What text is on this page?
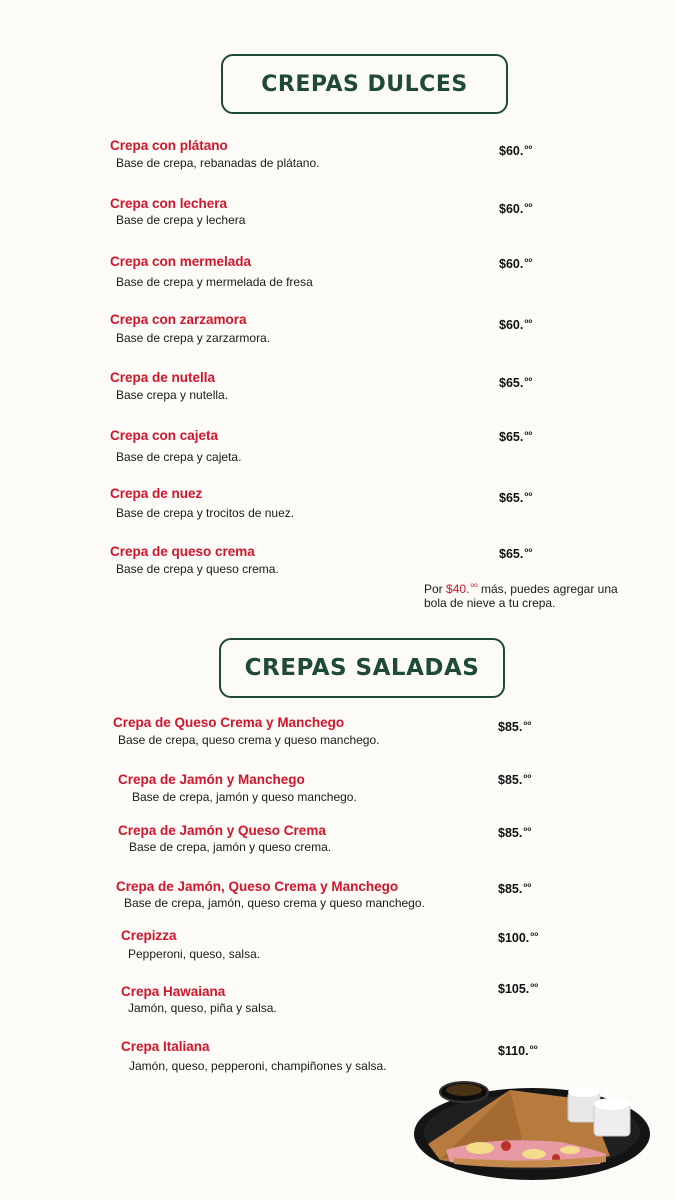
CREPAS DULCES
Crepa con plátano
Base de crepa, rebanadas de plátano.
$60.$^{oo}$
Crepa con lechera
Base de crepa y lechera
$60.$^{oo}$
Crepa con mermelada
Base de crepa y mermelada de fresa
$60.$^{oo}$
Crepa con zarzamora
Base de crepa y zarzarmora.
$60.$^{oo}$
Crepa de nutella
Base crepa y nutella.
$65.$^{oo}$
Crepa con cajeta
Base de crepa y cajeta.
$65.$^{oo}$
Crepa de nuez
Base de crepa y trocitos de nuez.
$65.$^{oo}$
Crepa de queso crema
Base de crepa y queso crema.
$65.$^{oo}$
Por $40.$^{oo}$ más, puedes agregar una bola de nieve a tu crepa.
CREPAS SALADAS
Crepa de Queso Crema y Manchego
Base de crepa, queso crema y queso manchego.
$85.$^{oo}$
Crepa de Jamón y Manchego
Base de crepa, jamón y queso manchego.
$85.$^{oo}$
Crepa de Jamón y Queso Crema
Base de crepa, jamón y queso crema.
$85.$^{oo}$
Crepa de Jamón, Queso Crema y Manchego
Base de crepa, jamón, queso crema y queso manchego.
$85.$^{oo}$
Crepizza
Pepperoni, queso, salsa.
$100.$^{oo}$
Crepa Hawaiana
Jamón, queso, piña y salsa.
$105.$^{oo}$
Crepa Italiana
Jamón, queso, pepperoni, champiñones y salsa.
$110.$^{oo}$
